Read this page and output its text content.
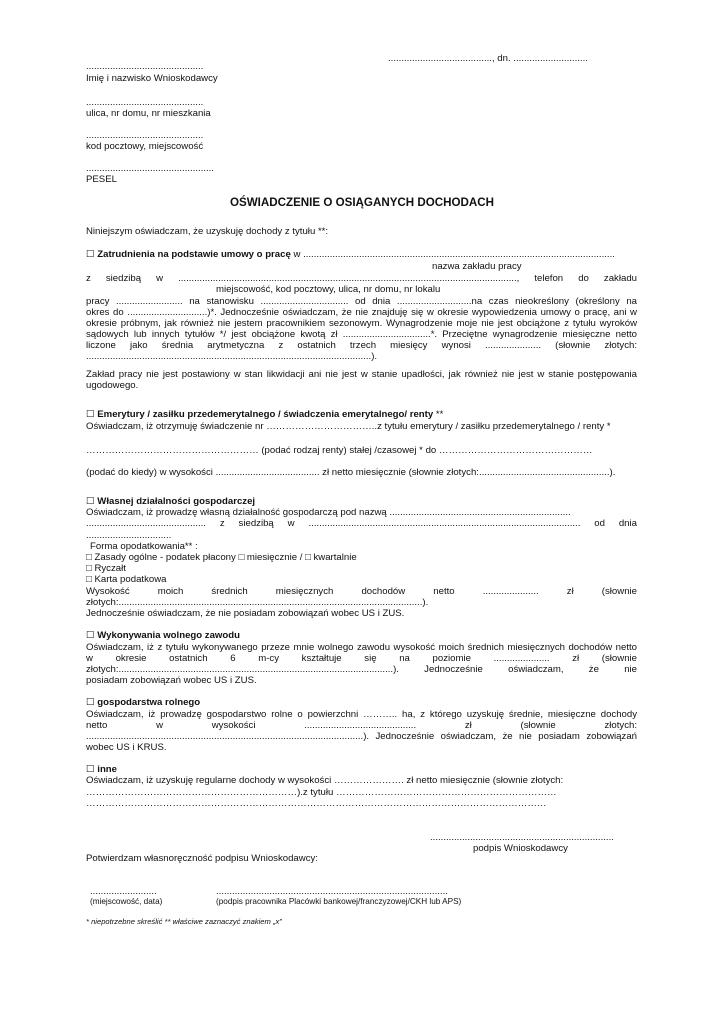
......................................., dn. ............................
............................................
Imię i nazwisko Wnioskodawcy
............................................
ulica, nr domu, nr mieszkania
............................................
kod pocztowy, miejscowość
................................................
PESEL
OŚWIADCZENIE O OSIĄGANYCH DOCHODACH
Niniejszym oświadczam, że uzyskuję dochody z tytułu **:
☐ Zatrudnienia na podstawie umowy o pracę w .....................................................................................................................
nazwa zakładu pracy
z siedzibą w ..............................................................................................................................., telefon do zakładu
miejscowość, kod pocztowy, ulica, nr domu, nr lokalu
pracy ......................... na stanowisku ................................. od dnia ............................na czas nieokreślony (określony na
okres do ..............................)*. Jednocześnie oświadczam, że nie znajduję się w okresie wypowiedzenia umowy o pracę, ani w
okresie próbnym, jak również nie jestem pracownikiem sezonowym. Wynagrodzenie moje nie jest obciążone z tytułu wyroków
sądowych lub innych tytułów */ jest obciążone kwotą zł .................................*. Przeciętne wynagrodzenie miesięczne netto
liczone jako średnia arytmetyczna z ostatnich trzech miesięcy wynosi ..................... (słownie złotych:
...........................................................................................................).
Zakład pracy nie jest postawiony w stan likwidacji ani nie jest w stanie upadłości, jak również nie jest w stanie postępowania
ugodowego.
☐ Emerytury / zasiłku przedemerytalnego / świadczenia emerytalnego/ renty **
Oświadczam, iż otrzymuję świadczenie nr ……………………………..z tytułu emerytury / zasiłku przedemerytalnego / renty *
……………………………………………… (podać rodzaj renty) stałej /czasowej * do …………………………………………
(podać do kiedy) w wysokości ....................................... zł netto miesięcznie (słownie złotych:.................................................).
☐ Własnej działalności gospodarczej
Oświadczam, iż prowadzę własną działalność gospodarczą pod nazwą ....................................................................
............................................. z siedzibą w ...................................................................................................... od dnia
................................
Forma opodatkowania** :
□ Zasady ogólne - podatek płacony □ miesięcznie / □ kwartalnie
□ Ryczałt
□ Karta podatkowa
Wysokość moich średnich miesięcznych dochodów netto ..................... zł (słownie
złotych:..................................................................................................................).
Jednocześnie oświadczam, że nie posiadam zobowiązań wobec US i ZUS.
☐ Wykonywania wolnego zawodu
Oświadczam, iż z tytułu wykonywanego przeze mnie wolnego zawodu wysokość moich średnich miesięcznych dochodów netto
w okresie ostatnich 6 m-cy kształtuje się na poziomie ..................... zł (słownie
złotych:.......................................................................................................). Jednocześnie oświadczam, że nie
posiadam zobowiązań wobec US i ZUS.
☐ gospodarstwa rolnego
Oświadczam, iż prowadzę gospodarstwo rolne o powierzchni ……….. ha, z którego uzyskuję średnie, miesięczne dochody
netto w wysokości .......................................... zł (słownie złotych:
........................................................................................................). Jednocześnie oświadczam, że nie posiadam zobowiązań
wobec US i KRUS.
☐ inne
Oświadczam, iż uzyskuję regularne dochody w wysokości …………………. zł netto miesięcznie (słownie złotych:
…………………………………………………………).z tytułu ……………………………………………………………
………………………………………………………………………………………………………………………………
.....................................................................
podpis Wnioskodawcy
Potwierdzam własnoręczność podpisu Wnioskodawcy:
.........................
(miejscowość, data)
.......................................................................................
(podpis pracownika Placówki bankowej/franczyzowej/CKH lub APS)
* niepotrzebne skreślić ** właściwe zaznaczyć znakiem „x”
